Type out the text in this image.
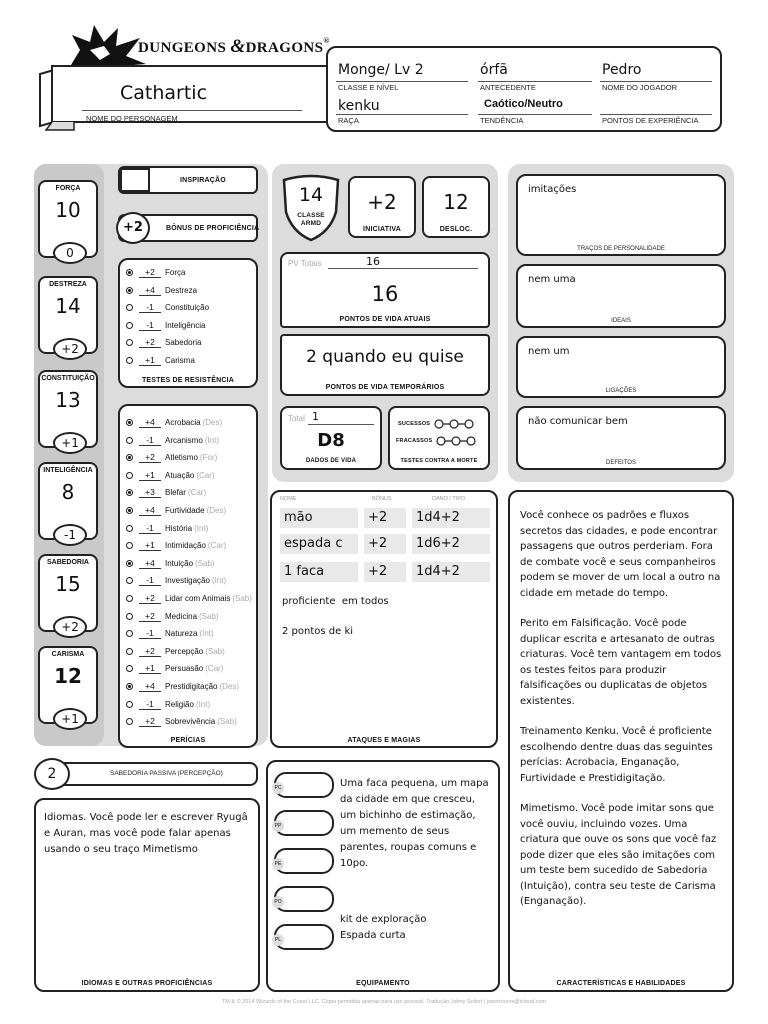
DUNGEONS &DRAGONS®
Cathartic
NOME DO PERSONAGEM
Monge/ Lv 2
CLASSE E NÍVEL
órfã
ANTECEDENTE
Pedro
NOME DO JOGADOR
kenku
RAÇA
Caótico/Neutro
TENDÊNCIA	PONTOS DE EXPERIÊNCIA
FORÇA
10
0
DESTREZA
14
+2
CONSTITUIÇÃO
13
+1
INTELIGÊNCIA
8
-1
SABEDORIA
15
+2
CARISMA
12
+1
INSPIRAÇÃO
+2	BÔNUS DE PROFICIÊNCIA
+2	Força
+4	Destreza
-1	Constituição
-1	Inteligência
+2	Sabedoria
+1	Carisma
TESTES DE RESISTÊNCIA
+4	Acrobacia (Des)
-1	Arcanismo (Int)
+2	Atletismo (For)
+1	Atuação (Car)
+3	Blefar (Car)
+4	Furtividade (Des)
-1	História (Int)
+1	Intimidação (Car)
+4	Intuição (Sab)
-1	Investigação (Int)
+2	Lidar com Animais (Sab)
+2	Medicina (Sab)
-1	Natureza (Int)
+2	Percepção (Sab)
+1	Persuasão (Car)
+4	Prestidigitação (Des)
-1	Religião (Int)
+2	Sobrevivência (Sab)
PERÍCIAS
2	SABEDORIA PASSIVA (PERCEPÇÃO)
Idiomas. Você pode ler e escrever Ryugâ e Auran, mas você pode falar apenas usando o seu traço Mimetismo
IDIOMAS E OUTRAS PROFICIÊNCIAS
14
CLASSE
ARMD
+2
INICIATIVA
12
DESLOC.
PV Totais	16
16
PONTOS DE VIDA ATUAIS
2 quando eu quise
PONTOS DE VIDA TEMPORÁRIOS
Total 1
D8
DADOS DE VIDA
SUCESSOS
FRACASSOS
TESTES CONTRA A MORTE
NOME	BÔNUS	DANO / TIPO
mão	+2	1d4+2
espada c	+2	1d6+2
1 faca	+2	1d4+2
proficiente  em todos
2 pontos de ki
ATAQUES E MAGIAS
PC
PP
PE
PO
PL
Uma faca pequena, um mapa da cidade em que cresceu, um bichinho de estimação, um memento de seus parentes, roupas comuns e 10po.
kit de exploração
Espada curta
EQUIPAMENTO
imitações
TRAÇOS DE PERSONALIDADE
nem uma
IDEAIS
nem um
LIGAÇÕES
não comunicar bem
DEFEITOS
Você conhece os padrões e fluxos secretos das cidades, e pode encontrar passagens que outros perderiam. Fora de combate você e seus companheiros podem se mover de um local a outro na cidade em metade do tempo.
Perito em Falsificação. Você pode duplicar escrita e artesanato de outras criaturas. Você tem vantagem em todos os testes feitos para produzir falsificações ou duplicatas de objetos existentes.
Treinamento Kenku. Você é proficiente escolhendo dentre duas das seguintes perícias: Acrobacia, Enganação, Furtividade e Prestidigitação.
Mimetismo. Você pode imitar sons que você ouviu, incluindo vozes. Uma criatura que ouve os sons que você faz pode dizer que eles são imitações com um teste bem sucedido de Sabedoria (Intuição), contra seu teste de Carisma (Enganação).
CARACTERÍSTICAS E HABILIDADES
TM & © 2014 Wizards of the Coast LLC. Cópia permitida apenas para uso pessoal. Tradução Johny Soliert | jonetrovers@icloud.com
